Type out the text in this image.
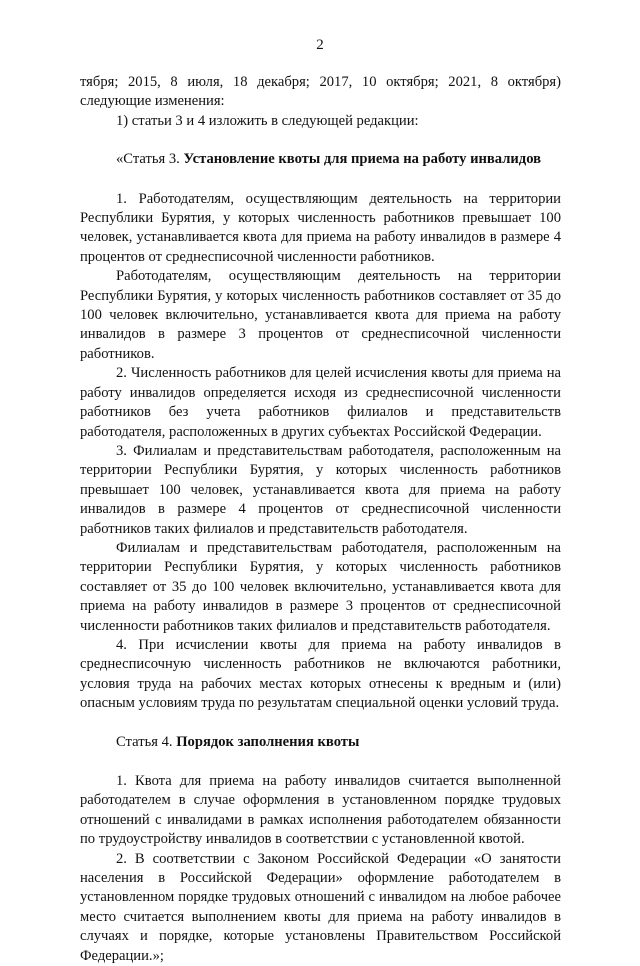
2

тября; 2015, 8 июля, 18 декабря; 2017, 10 октября; 2021, 8 октября) следующие изменения:

1) статьи 3 и 4 изложить в следующей редакции:

«Статья 3. Установление квоты для приема на работу инвалидов

1. Работодателям, осуществляющим деятельность на территории Республики Бурятия, у которых численность работников превышает 100 человек, устанавливается квота для приема на работу инвалидов в размере 4 процентов от среднесписочной численности работников.

Работодателям, осуществляющим деятельность на территории Республики Бурятия, у которых численность работников составляет от 35 до 100 человек включительно, устанавливается квота для приема на работу инвалидов в размере 3 процентов от среднесписочной численности работников.

2. Численность работников для целей исчисления квоты для приема на работу инвалидов определяется исходя из среднесписочной численности работников без учета работников филиалов и представительств работодателя, расположенных в других субъектах Российской Федерации.

3. Филиалам и представительствам работодателя, расположенным на территории Республики Бурятия, у которых численность работников превышает 100 человек, устанавливается квота для приема на работу инвалидов в размере 4 процентов от среднесписочной численности работников таких филиалов и представительств работодателя.

Филиалам и представительствам работодателя, расположенным на территории Республики Бурятия, у которых численность работников составляет от 35 до 100 человек включительно, устанавливается квота для приема на работу инвалидов в размере 3 процентов от среднесписочной численности работников таких филиалов и представительств работодателя.

4. При исчислении квоты для приема на работу инвалидов в среднесписочную численность работников не включаются работники, условия труда на рабочих местах которых отнесены к вредным и (или) опасным условиям труда по результатам специальной оценки условий труда.

Статья 4. Порядок заполнения квоты

1. Квота для приема на работу инвалидов считается выполненной работодателем в случае оформления в установленном порядке трудовых отношений с инвалидами в рамках исполнения работодателем обязанности по трудоустройству инвалидов в соответствии с установленной квотой.

2. В соответствии с Законом Российской Федерации «О занятости населения в Российской Федерации» оформление работодателем в установленном порядке трудовых отношений с инвалидом на любое рабочее место считается выполнением квоты для приема на работу инвалидов в случаях и порядке, которые установлены Правительством Российской Федерации.»;
